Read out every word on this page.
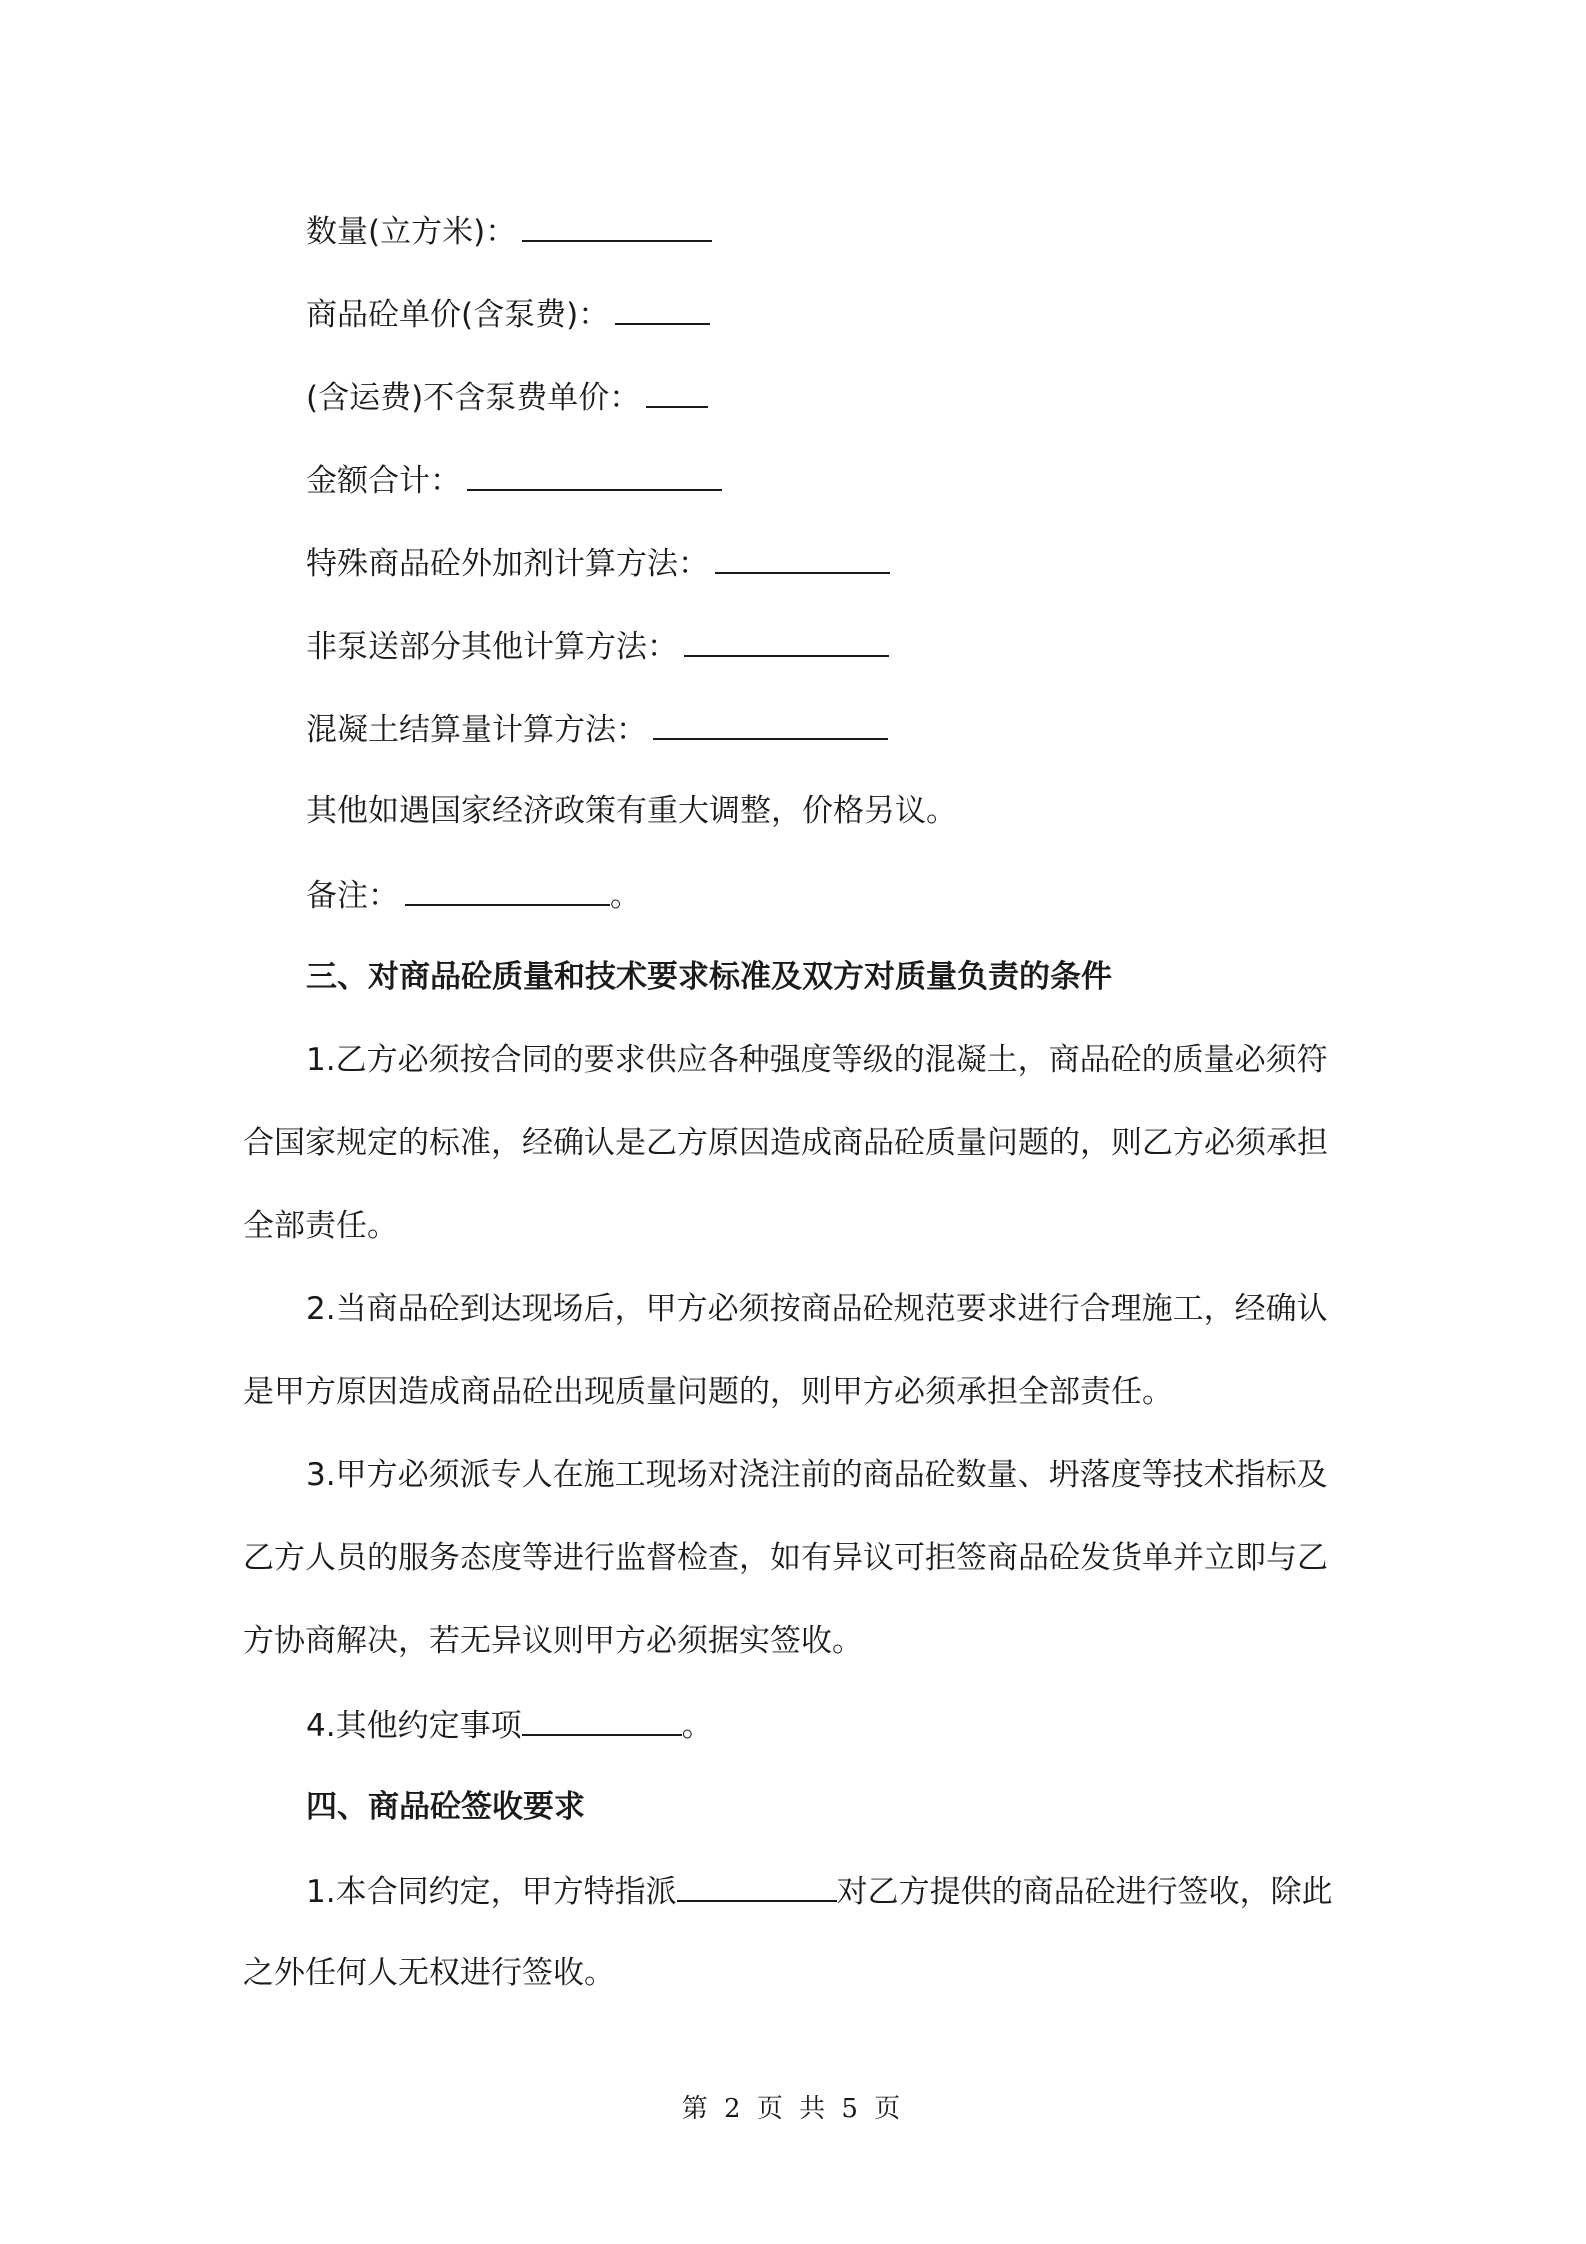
数量(立方米)：
商品砼单价(含泵费)：
(含运费)不含泵费单价：
金额合计：
特殊商品砼外加剂计算方法：
非泵送部分其他计算方法：
混凝土结算量计算方法：
其他如遇国家经济政策有重大调整，价格另议。
备注：	。
三、对商品砼质量和技术要求标准及双方对质量负责的条件
1.乙方必须按合同的要求供应各种强度等级的混凝土，商品砼的质量必须符
合国家规定的标准，经确认是乙方原因造成商品砼质量问题的，则乙方必须承担
全部责任。
2.当商品砼到达现场后，甲方必须按商品砼规范要求进行合理施工，经确认
是甲方原因造成商品砼出现质量问题的，则甲方必须承担全部责任。
3.甲方必须派专人在施工现场对浇注前的商品砼数量、坍落度等技术指标及
乙方人员的服务态度等进行监督检查，如有异议可拒签商品砼发货单并立即与乙
方协商解决，若无异议则甲方必须据实签收。
4.其他约定事项	。
四、商品砼签收要求
1.本合同约定，甲方特指派	对乙方提供的商品砼进行签收，除此
之外任何人无权进行签收。
第 2 页 共 5 页
